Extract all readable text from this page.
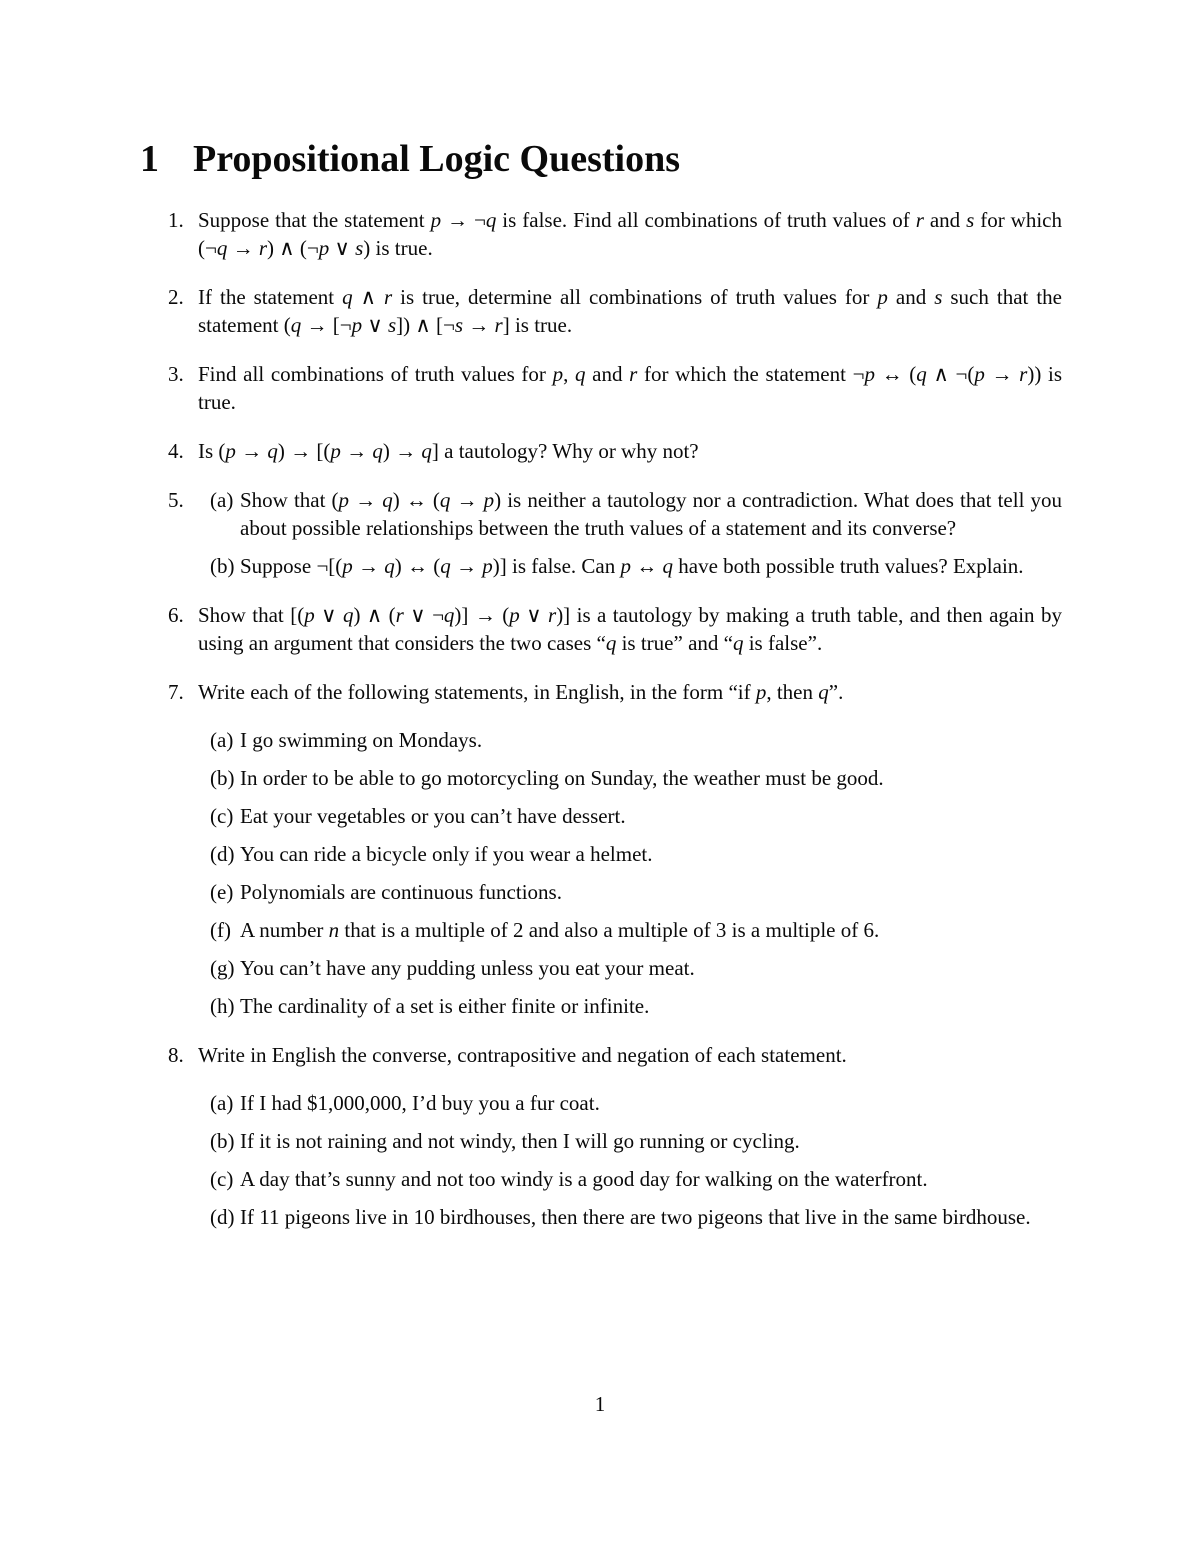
1 Propositional Logic Questions
1. Suppose that the statement p → ¬q is false. Find all combinations of truth values of r and s for which (¬q → r) ∧ (¬p ∨ s) is true.
2. If the statement q ∧ r is true, determine all combinations of truth values for p and s such that the statement (q → [¬p ∨ s]) ∧ [¬s → r] is true.
3. Find all combinations of truth values for p, q and r for which the statement ¬p ↔ (q ∧ ¬(p → r)) is true.
4. Is (p → q) → [(p → q) → q] a tautology? Why or why not?
5.	(a) Show that (p → q) ↔ (q → p) is neither a tautology nor a contradiction. What does that tell you about possible relationships between the truth values of a statement and its converse?
(b) Suppose ¬[(p → q) ↔ (q → p)] is false. Can p ↔ q have both possible truth values? Explain.
6. Show that [(p ∨ q) ∧ (r ∨ ¬q)] → (p ∨ r)] is a tautology by making a truth table, and then again by using an argument that considers the two cases “q is true” and “q is false”.
7. Write each of the following statements, in English, in the form “if p, then q”.
(a) I go swimming on Mondays.
(b) In order to be able to go motorcycling on Sunday, the weather must be good.
(c) Eat your vegetables or you can’t have dessert.
(d) You can ride a bicycle only if you wear a helmet.
(e) Polynomials are continuous functions.
(f) A number n that is a multiple of 2 and also a multiple of 3 is a multiple of 6.
(g) You can’t have any pudding unless you eat your meat.
(h) The cardinality of a set is either finite or infinite.
8. Write in English the converse, contrapositive and negation of each statement.
(a) If I had $1,000,000, I’d buy you a fur coat.
(b) If it is not raining and not windy, then I will go running or cycling.
(c) A day that’s sunny and not too windy is a good day for walking on the waterfront.
(d) If 11 pigeons live in 10 birdhouses, then there are two pigeons that live in the same birdhouse.
1
